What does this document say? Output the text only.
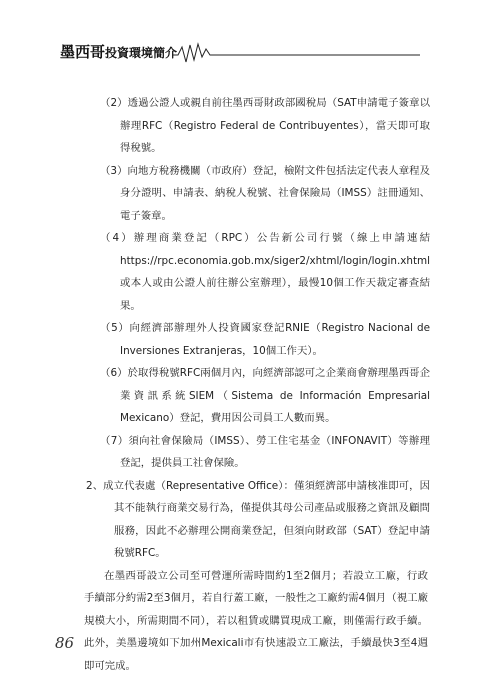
墨西哥投資環境簡介

（2）透過公證人或親自前往墨西哥財政部國稅局（SAT申請電子簽章以辦理RFC（Registro Federal de Contribuyentes），當天即可取得稅號。

（3）向地方稅務機關（市政府）登記，檢附文件包括法定代表人章程及身分證明、申請表、納稅人稅號、社會保險局（IMSS）註冊通知、電子簽章。

（4）辦理商業登記（RPC）公告新公司行號（線上申請連結https://rpc.economia.gob.mx/siger2/xhtml/login/login.xhtml或本人或由公證人前往辦公室辦理），最慢10個工作天裁定審查結果。

（5）向經濟部辦理外人投資國家登記RNIE（Registro Nacional de Inversiones Extranjeras，10個工作天）。

（6）於取得稅號RFC兩個月內，向經濟部認可之企業商會辦理墨西哥企業資訊系統SIEM（Sistema de Información Empresarial Mexicano）登記，費用因公司員工人數而異。

（7）須向社會保險局（IMSS）、勞工住宅基金（INFONAVIT）等辦理登記，提供員工社會保險。

2、成立代表處（Representative Office）：僅須經濟部申請核准即可，因其不能執行商業交易行為，僅提供其母公司產品或服務之資訊及顧問服務，因此不必辦理公開商業登記，但須向財政部（SAT）登記申請稅號RFC。

在墨西哥設立公司至可營運所需時間約1至2個月；若設立工廠，行政手續部分約需2至3個月，若自行蓋工廠，一般性之工廠約需4個月（視工廠規模大小，所需期間不同），若以租賃或購買現成工廠，則僅需行政手續。此外，美墨邊境如下加州Mexicali市有快速設立工廠法，手續最快3至4週即可完成。

86
